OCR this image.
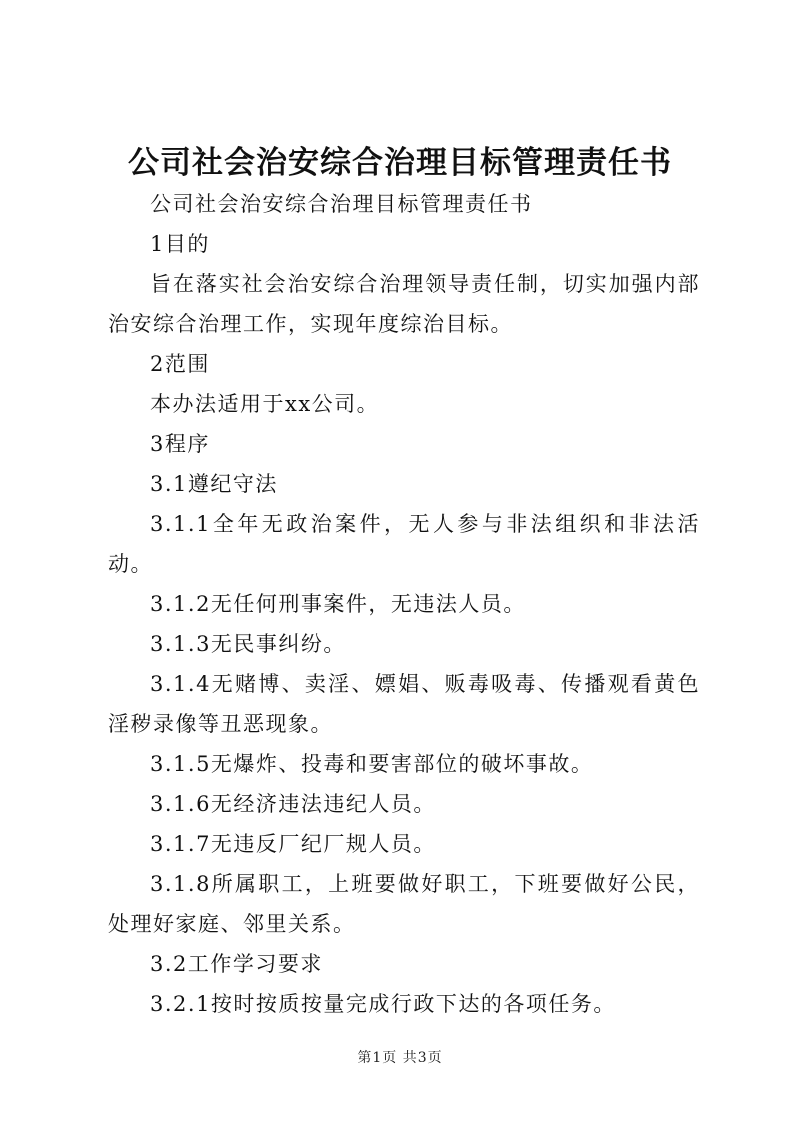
公司社会治安综合治理目标管理责任书

公司社会治安综合治理目标管理责任书

1目的

旨在落实社会治安综合治理领导责任制，切实加强内部治安综合治理工作，实现年度综治目标。

2范围

本办法适用于xx公司。

3程序

3.1遵纪守法

3.1.1全年无政治案件，无人参与非法组织和非法活动。

3.1.2无任何刑事案件，无违法人员。

3.1.3无民事纠纷。

3.1.4无赌博、卖淫、嫖娼、贩毒吸毒、传播观看黄色淫秽录像等丑恶现象。

3.1.5无爆炸、投毒和要害部位的破坏事故。

3.1.6无经济违法违纪人员。

3.1.7无违反厂纪厂规人员。

3.1.8所属职工，上班要做好职工，下班要做好公民，处理好家庭、邻里关系。

3.2工作学习要求

3.2.1按时按质按量完成行政下达的各项任务。

第1页 共3页
